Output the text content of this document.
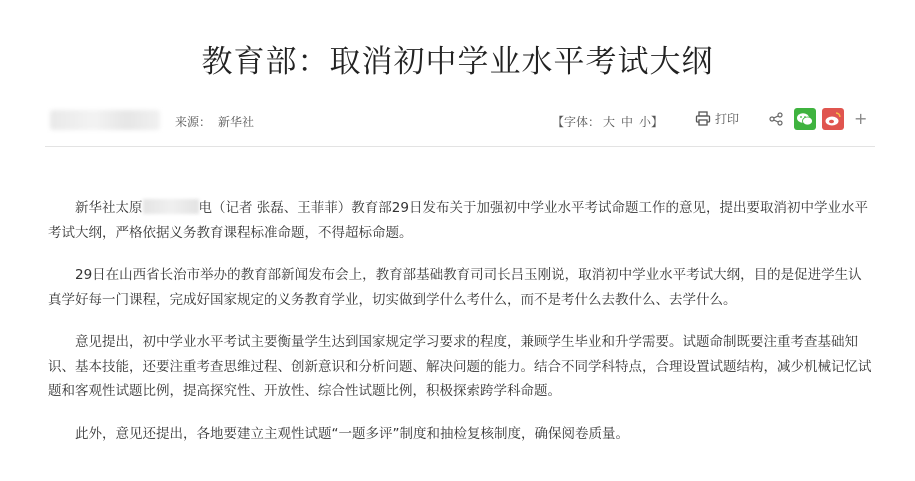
教育部：取消初中学业水平考试大纲
来源： 新华社	【字体： 大 中 小】	打印	+

新华社太原	电（记者 张磊、王菲菲）教育部29日发布关于加强初中学业水平考试命题工作的意见，提出要取消初中学业水平考试大纲，严格依据义务教育课程标准命题，不得超标命题。

29日在山西省长治市举办的教育部新闻发布会上，教育部基础教育司司长吕玉刚说，取消初中学业水平考试大纲，目的是促进学生认真学好每一门课程，完成好国家规定的义务教育学业，切实做到学什么考什么，而不是考什么去教什么、去学什么。

意见提出，初中学业水平考试主要衡量学生达到国家规定学习要求的程度，兼顾学生毕业和升学需要。试题命制既要注重考查基础知识、基本技能，还要注重考查思维过程、创新意识和分析问题、解决问题的能力。结合不同学科特点，合理设置试题结构，减少机械记忆试题和客观性试题比例，提高探究性、开放性、综合性试题比例，积极探索跨学科命题。

此外，意见还提出，各地要建立主观性试题“一题多评”制度和抽检复核制度，确保阅卷质量。
